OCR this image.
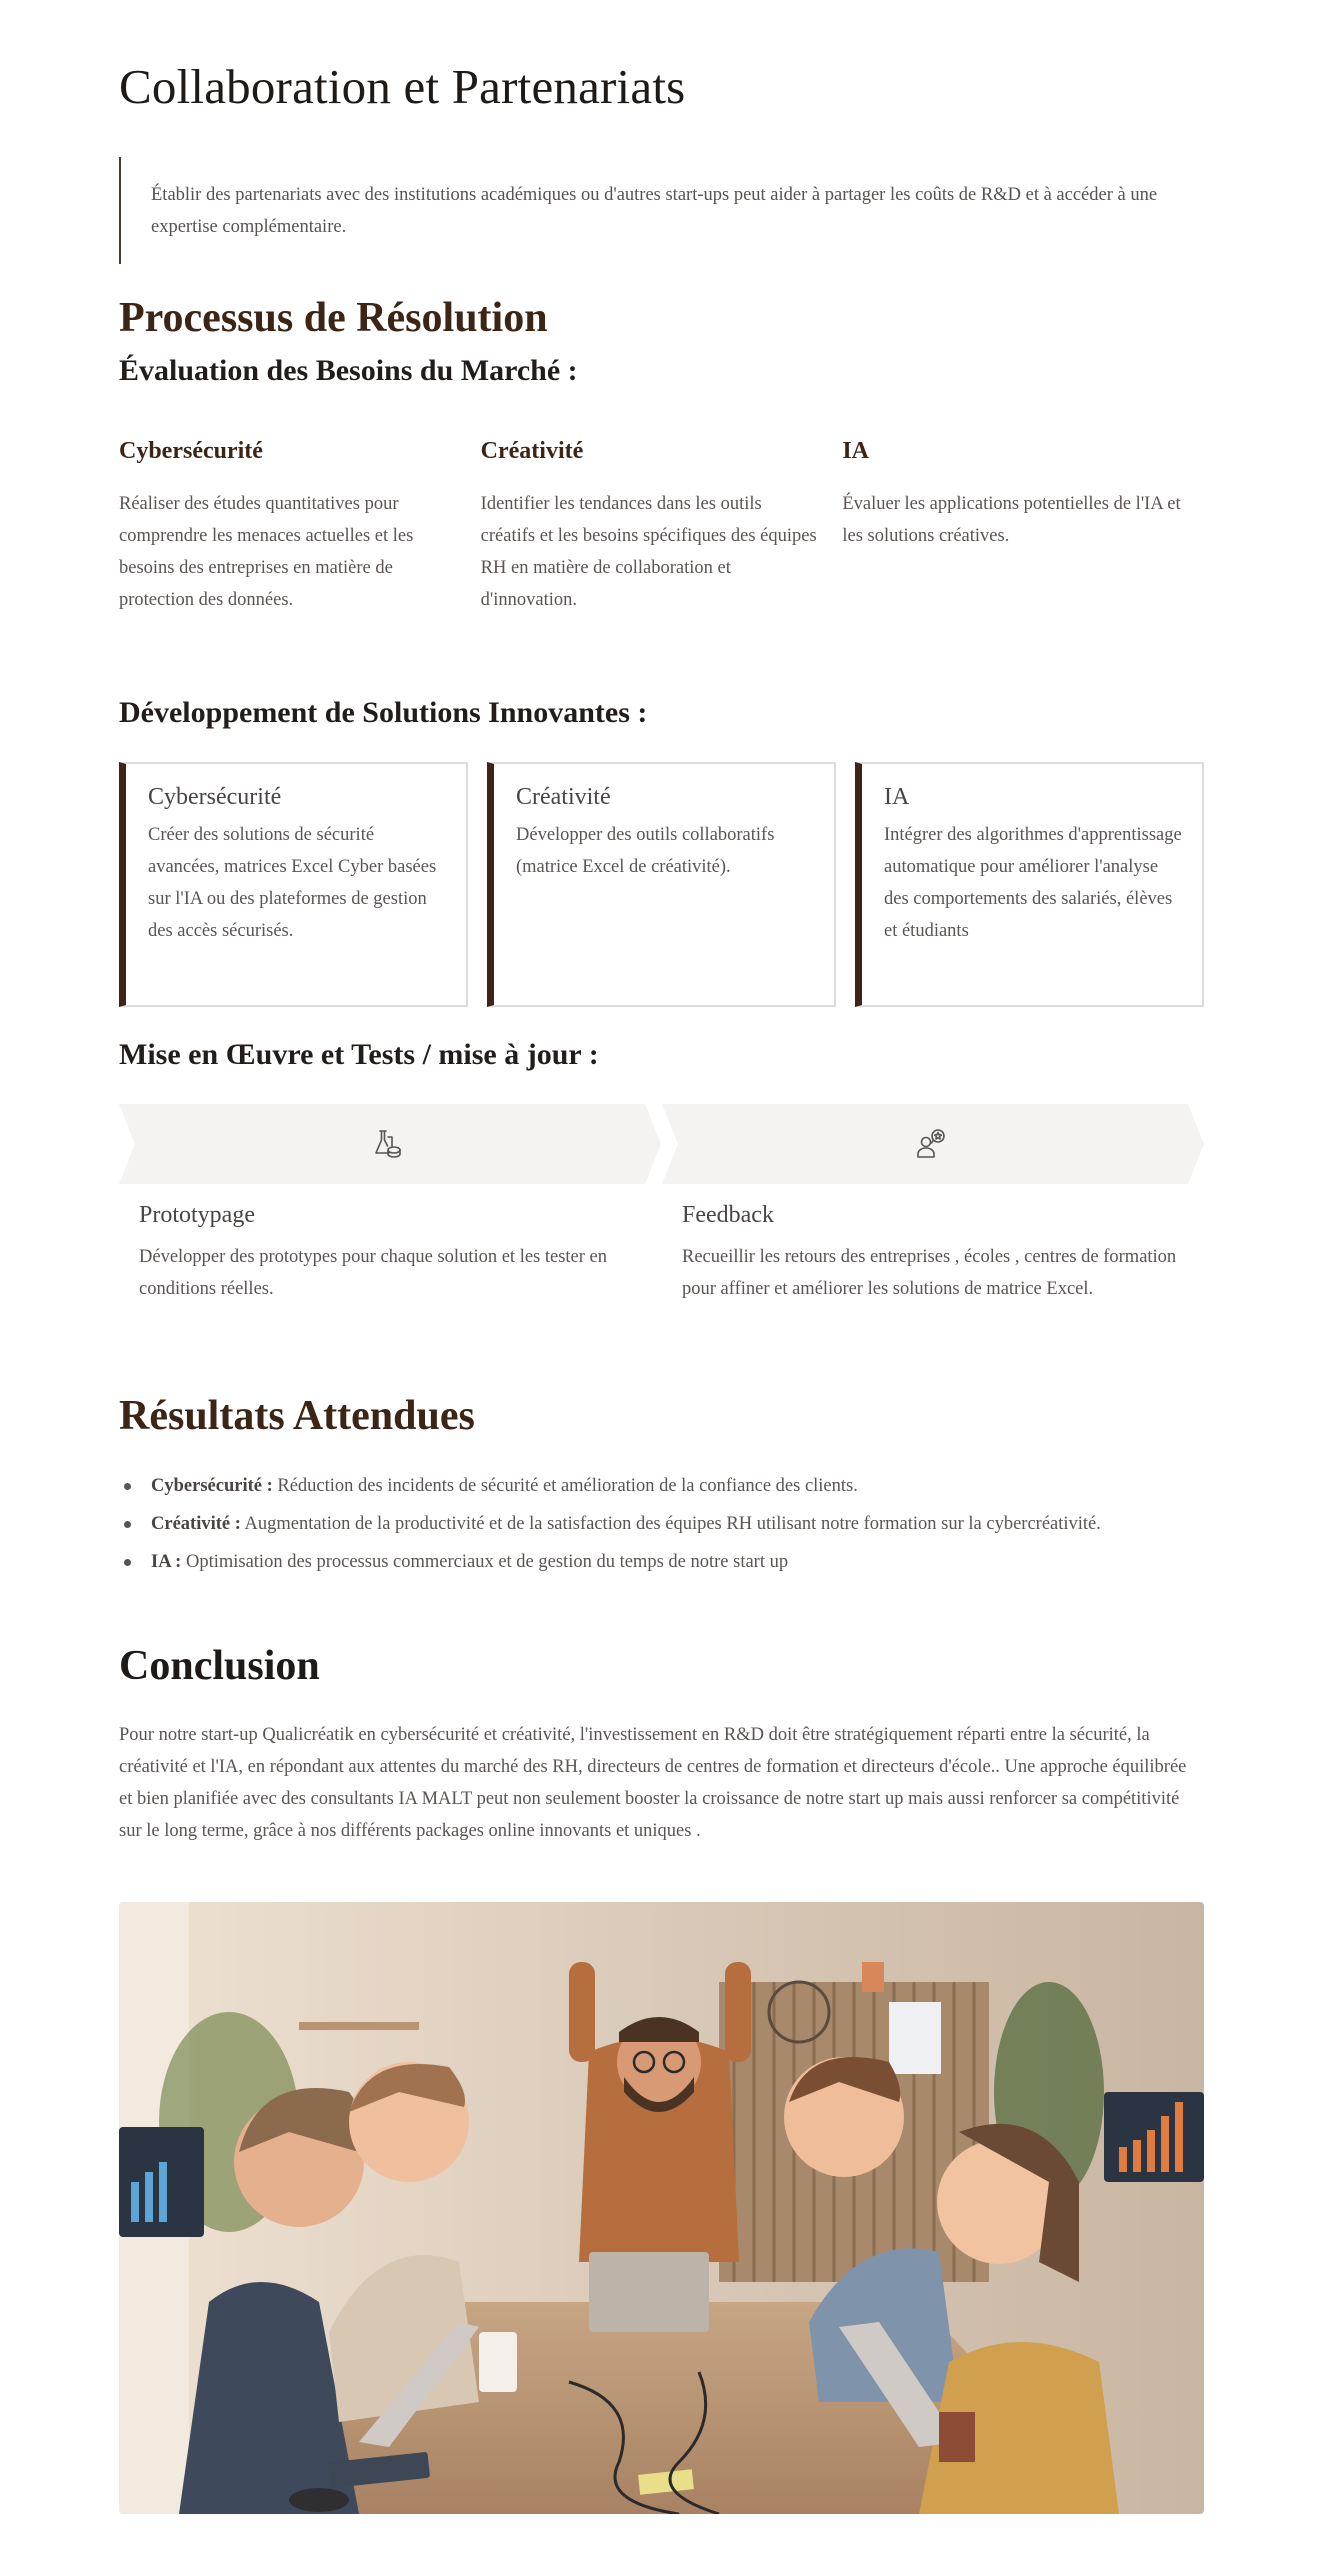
Collaboration et Partenariats
Établir des partenariats avec des institutions académiques ou d'autres start-ups peut aider à partager les coûts de R&D et à accéder à une expertise complémentaire.
Processus de Résolution
Évaluation des Besoins du Marché :
Cybersécurité
Réaliser des études quantitatives pour comprendre les menaces actuelles et les besoins des entreprises en matière de protection des données.
Créativité
Identifier les tendances dans les outils créatifs et les besoins spécifiques des équipes RH en matière de collaboration et d'innovation.
IA
Évaluer les applications potentielles de l'IA et les solutions créatives.
Développement de Solutions Innovantes :
Cybersécurité
Créer des solutions de sécurité avancées, matrices Excel Cyber basées sur l'IA ou des plateformes de gestion des accès sécurisés.
Créativité
Développer des outils collaboratifs (matrice Excel de créativité).
IA
Intégrer des algorithmes d'apprentissage automatique pour améliorer l'analyse des comportements des salariés, élèves et étudiants
Mise en Œuvre et Tests / mise à jour :
Prototypage
Développer des prototypes pour chaque solution et les tester en conditions réelles.
Feedback
Recueillir les retours des entreprises , écoles , centres de formation pour affiner et améliorer les solutions de matrice Excel.
Résultats Attendues
Cybersécurité : Réduction des incidents de sécurité et amélioration de la confiance des clients.
Créativité : Augmentation de la productivité et de la satisfaction des équipes RH utilisant notre formation sur la cybercréativité.
IA : Optimisation des processus commerciaux et de gestion du temps de notre start up
Conclusion

Pour notre start-up Qualicréatik en cybersécurité et créativité, l'investissement en R&D doit être stratégiquement réparti entre la sécurité, la créativité et l'IA, en répondant aux attentes du marché des RH, directeurs de centres de formation et directeurs d'école.. Une approche équilibrée et bien planifiée avec des consultants IA MALT peut non seulement booster la croissance de notre start up mais aussi renforcer sa compétitivité sur le long terme, grâce à nos différents packages online innovants et uniques .
